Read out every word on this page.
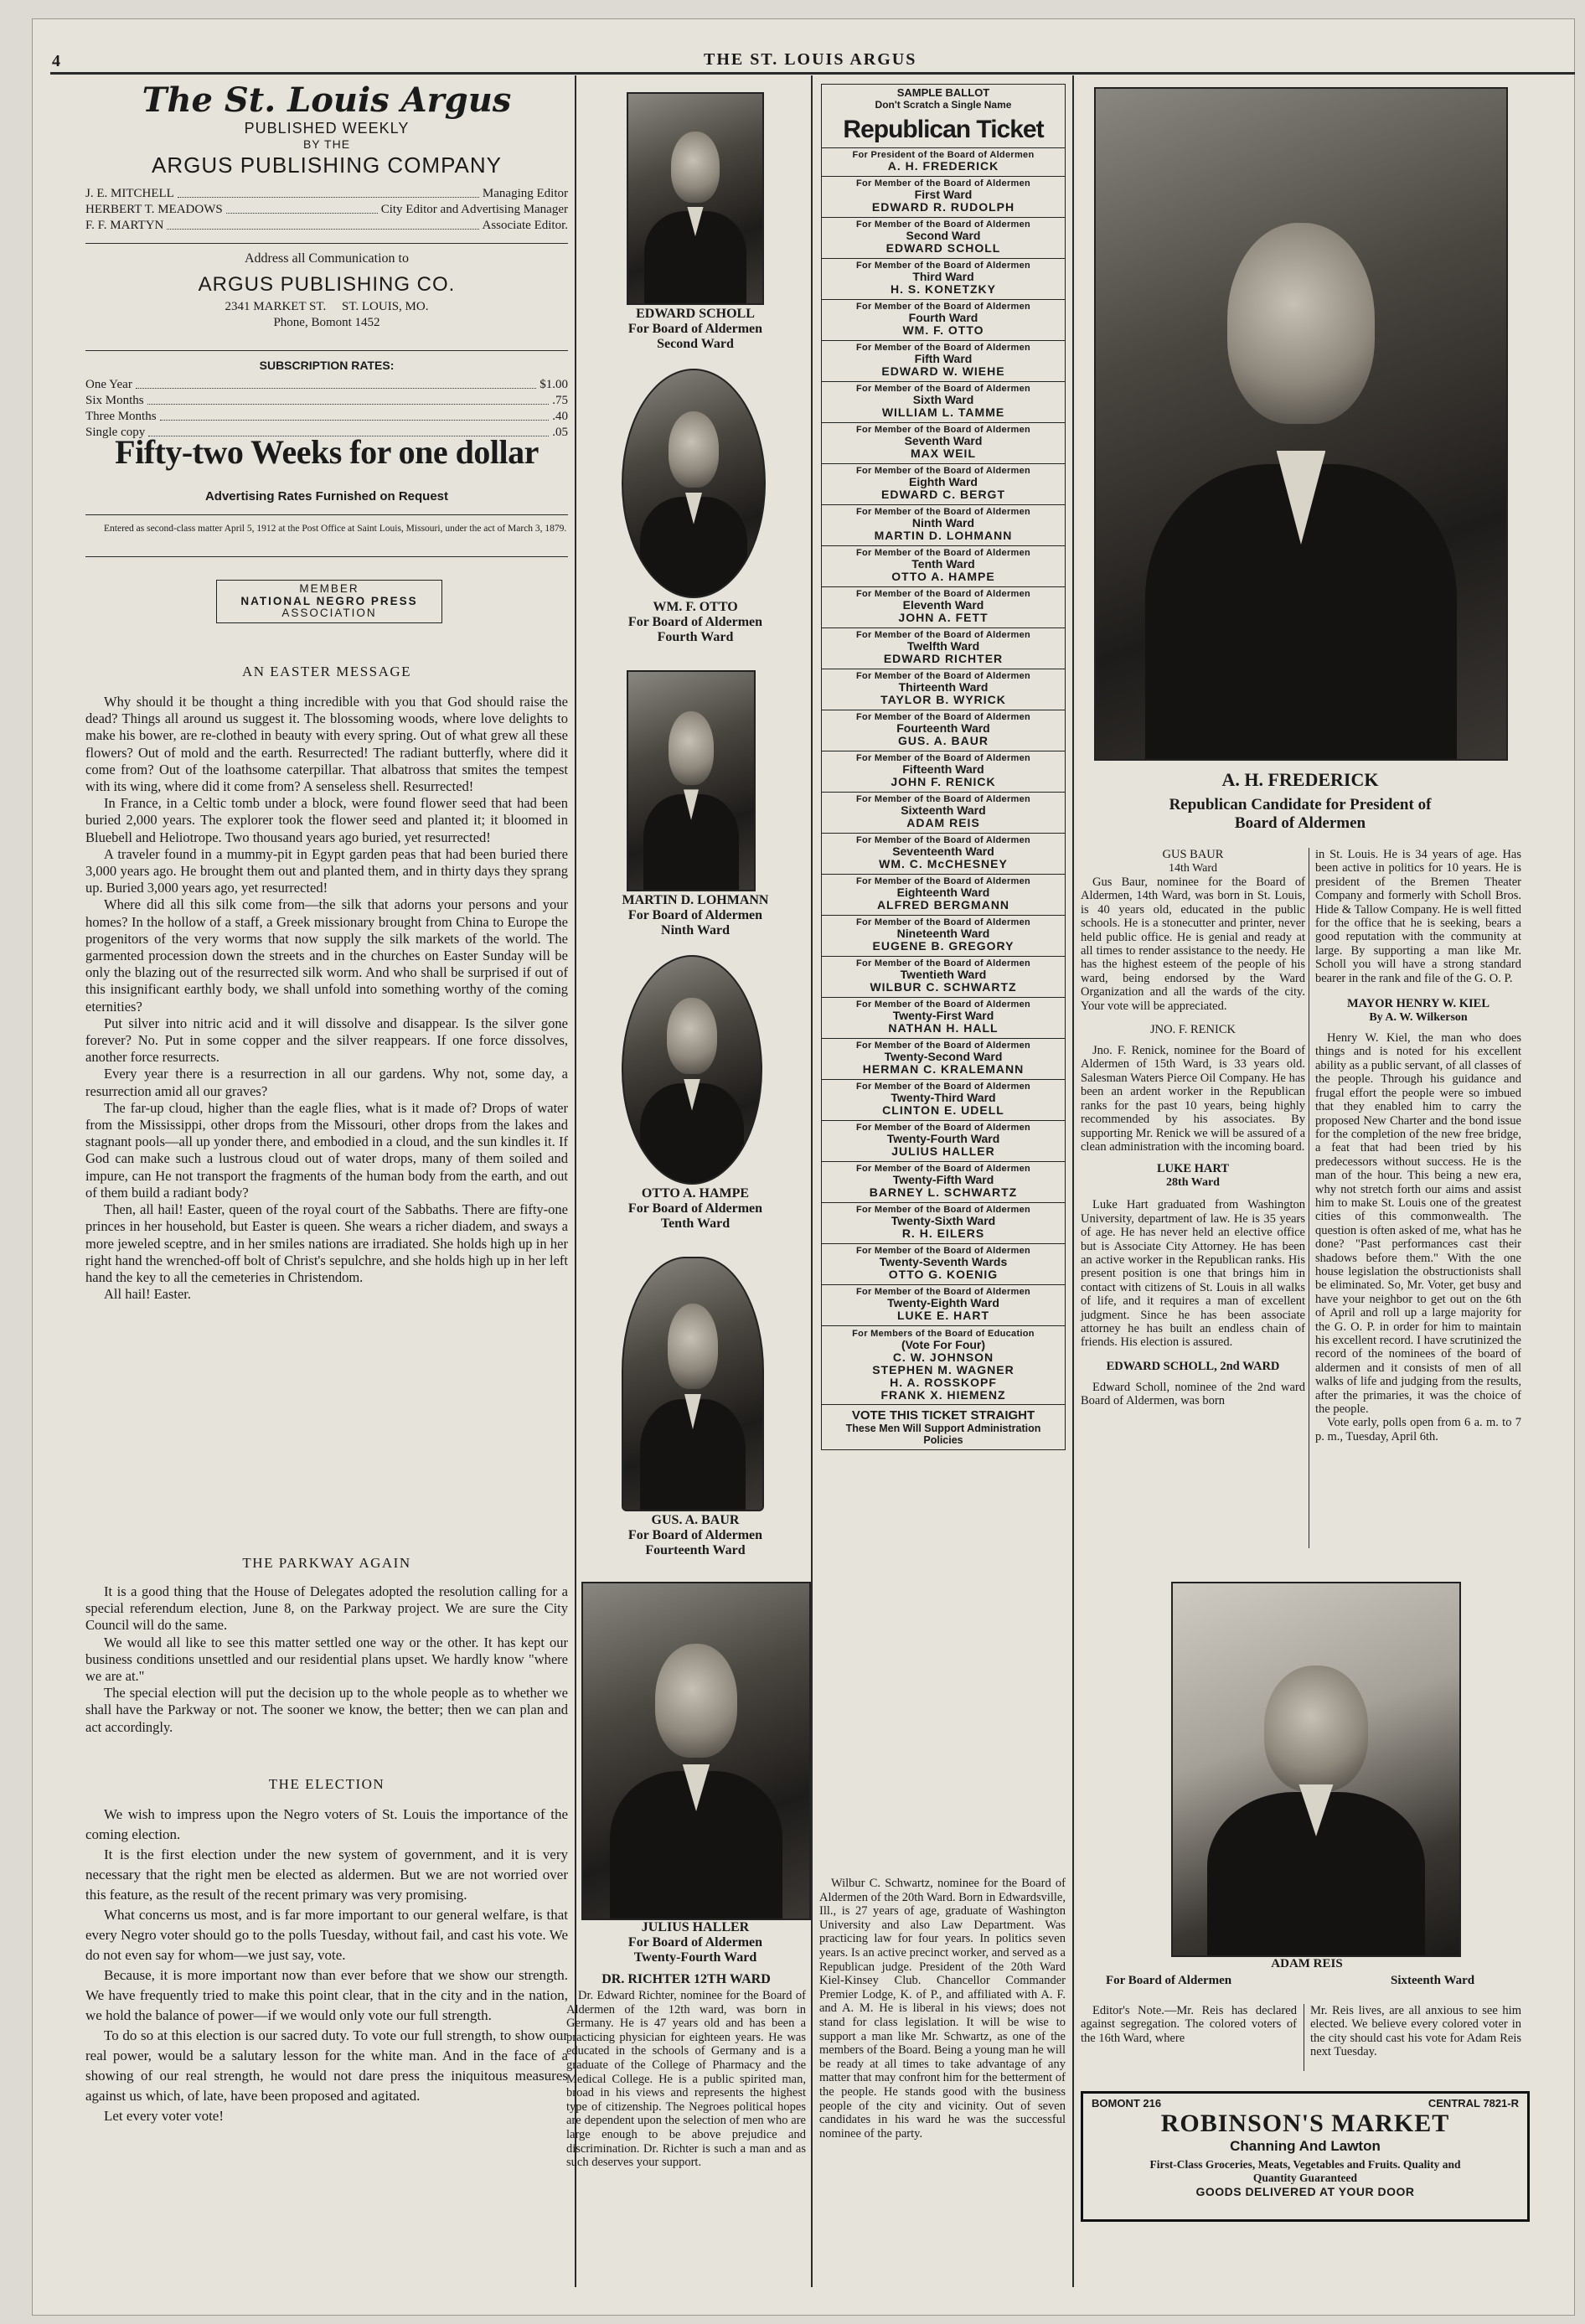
4	THE ST. LOUIS ARGUS
The St. Louis Argus
PUBLISHED WEEKLY
BY THE
ARGUS PUBLISHING COMPANY
J. E. MITCHELL	Managing Editor
HERBERT T. MEADOWS	City Editor and Advertising Manager
F. F. MARTYN	Associate Editor.
Address all Communication to
ARGUS PUBLISHING CO.
2341 MARKET ST.     ST. LOUIS, MO.
Phone, Bomont 1452
SUBSCRIPTION RATES:
One Year	$1.00
Six Months	.75
Three Months	.40
Single copy	.05
Fifty-two Weeks for one dollar
Advertising Rates Furnished on Request
Entered as second-class matter April 5, 1912 at the Post Office at Saint Louis, Missouri, under the act of March 3, 1879.
MEMBER
NATIONAL NEGRO PRESS
ASSOCIATION

AN EASTER MESSAGE

Why should it be thought a thing incredible with you that God should raise the dead? Things all around us suggest it. The blossoming woods, where love delights to make his bower, are re-clothed in beauty with every spring. Out of what grew all these flowers? Out of mold and the earth. Resurrected! The radiant butterfly, where did it come from? Out of the loathsome caterpillar. That albatross that smites the tempest with its wing, where did it come from? A senseless shell. Resurrected!

In France, in a Celtic tomb under a block, were found flower seed that had been buried 2,000 years. The explorer took the flower seed and planted it; it bloomed in Bluebell and Heliotrope. Two thousand years ago buried, yet resurrected!

A traveler found in a mummy-pit in Egypt garden peas that had been buried there 3,000 years ago. He brought them out and planted them, and in thirty days they sprang up. Buried 3,000 years ago, yet resurrected!

Where did all this silk come from—the silk that adorns your persons and your homes? In the hollow of a staff, a Greek missionary brought from China to Europe the progenitors of the very worms that now supply the silk markets of the world. The garmented procession down the streets and in the churches on Easter Sunday will be only the blazing out of the resurrected silk worm. And who shall be surprised if out of this insignificant earthly body, we shall unfold into something worthy of the coming eternities?

Put silver into nitric acid and it will dissolve and disappear. Is the silver gone forever? No. Put in some copper and the silver reappears. If one force dissolves, another force resurrects.

Every year there is a resurrection in all our gardens. Why not, some day, a resurrection amid all our graves?

The far-up cloud, higher than the eagle flies, what is it made of? Drops of water from the Mississippi, other drops from the Missouri, other drops from the lakes and stagnant pools—all up yonder there, and embodied in a cloud, and the sun kindles it. If God can make such a lustrous cloud out of water drops, many of them soiled and impure, can He not transport the fragments of the human body from the earth, and out of them build a radiant body?

Then, all hail! Easter, queen of the royal court of the Sabbaths. There are fifty-one princes in her household, but Easter is queen. She wears a richer diadem, and sways a more jeweled sceptre, and in her smiles nations are irradiated. She holds high up in her right hand the wrenched-off bolt of Christ's sepulchre, and she holds high up in her left hand the key to all the cemeteries in Christendom.

All hail! Easter.

THE PARKWAY AGAIN

It is a good thing that the House of Delegates adopted the resolution calling for a special referendum election, June 8, on the Parkway project. We are sure the City Council will do the same.

We would all like to see this matter settled one way or the other. It has kept our business conditions unsettled and our residential plans upset. We hardly know "where we are at."

The special election will put the decision up to the whole people as to whether we shall have the Parkway or not. The sooner we know, the better; then we can plan and act accordingly.

THE ELECTION

We wish to impress upon the Negro voters of St. Louis the importance of the coming election.

It is the first election under the new system of government, and it is very necessary that the right men be elected as aldermen. But we are not worried over this feature, as the result of the recent primary was very promising.

What concerns us most, and is far more important to our general welfare, is that every Negro voter should go to the polls Tuesday, without fail, and cast his vote. We do not even say for whom—we just say, vote.

Because, it is more important now than ever before that we show our strength. We have frequently tried to make this point clear, that in the city and in the nation, we hold the balance of power—if we would only vote our full strength.

To do so at this election is our sacred duty. To vote our full strength, to show our real power, would be a salutary lesson for the white man. And in the face of a showing of our real strength, he would not dare press the iniquitous measures against us which, of late, have been proposed and agitated.

Let every voter vote!

EDWARD SCHOLL
For Board of Aldermen
Second Ward
WM. F. OTTO
For Board of Aldermen
Fourth Ward
MARTIN D. LOHMANN
For Board of Aldermen
Ninth Ward
OTTO A. HAMPE
For Board of Aldermen
Tenth Ward
GUS. A. BAUR
For Board of Aldermen
Fourteenth Ward
JULIUS HALLER
For Board of Aldermen
Twenty-Fourth Ward
DR. RICHTER 12TH WARD

Dr. Edward Richter, nominee for the Board of Aldermen of the 12th ward, was born in Germany. He is 47 years old and has been a practicing physician for eighteen years. He was educated in the schools of Germany and is a graduate of the College of Pharmacy and the Medical College. He is a public spirited man, broad in his views and represents the highest type of citizenship. The Negroes political hopes are dependent upon the selection of men who are large enough to be above prejudice and discrimination. Dr. Richter is such a man and as such deserves your support.

SAMPLE BALLOT
Don't Scratch a Single Name
Republican Ticket
For President of the Board of Aldermen
A. H. FREDERICK
For Member of the Board of Aldermen
First Ward
EDWARD R. RUDOLPH
For Member of the Board of Aldermen
Second Ward
EDWARD SCHOLL
For Member of the Board of Aldermen
Third Ward
H. S. KONETZKY
For Member of the Board of Aldermen
Fourth Ward
WM. F. OTTO
For Member of the Board of Aldermen
Fifth Ward
EDWARD W. WIEHE
For Member of the Board of Aldermen
Sixth Ward
WILLIAM L. TAMME
For Member of the Board of Aldermen
Seventh Ward
MAX WEIL
For Member of the Board of Aldermen
Eighth Ward
EDWARD C. BERGT
For Member of the Board of Aldermen
Ninth Ward
MARTIN D. LOHMANN
For Member of the Board of Aldermen
Tenth Ward
OTTO A. HAMPE
For Member of the Board of Aldermen
Eleventh Ward
JOHN A. FETT
For Member of the Board of Aldermen
Twelfth Ward
EDWARD RICHTER
For Member of the Board of Aldermen
Thirteenth Ward
TAYLOR B. WYRICK
For Member of the Board of Aldermen
Fourteenth Ward
GUS. A. BAUR
For Member of the Board of Aldermen
Fifteenth Ward
JOHN F. RENICK
For Member of the Board of Aldermen
Sixteenth Ward
ADAM REIS
For Member of the Board of Aldermen
Seventeenth Ward
WM. C. McCHESNEY
For Member of the Board of Aldermen
Eighteenth Ward
ALFRED BERGMANN
For Member of the Board of Aldermen
Nineteenth Ward
EUGENE B. GREGORY
For Member of the Board of Aldermen
Twentieth Ward
WILBUR C. SCHWARTZ
For Member of the Board of Aldermen
Twenty-First Ward
NATHAN H. HALL
For Member of the Board of Aldermen
Twenty-Second Ward
HERMAN C. KRALEMANN
For Member of the Board of Aldermen
Twenty-Third Ward
CLINTON E. UDELL
For Member of the Board of Aldermen
Twenty-Fourth Ward
JULIUS HALLER
For Member of the Board of Aldermen
Twenty-Fifth Ward
BARNEY L. SCHWARTZ
For Member of the Board of Aldermen
Twenty-Sixth Ward
R. H. EILERS
For Member of the Board of Aldermen
Twenty-Seventh Wards
OTTO G. KOENIG
For Member of the Board of Aldermen
Twenty-Eighth Ward
LUKE E. HART
For Members of the Board of Education
(Vote For Four)
C. W. JOHNSON
STEPHEN M. WAGNER
H. A. ROSSKOPF
FRANK X. HIEMENZ
VOTE THIS TICKET STRAIGHT
These Men Will Support Administration Policies

Wilbur C. Schwartz, nominee for the Board of Aldermen of the 20th Ward. Born in Edwardsville, Ill., is 27 years of age, graduate of Washington University and also Law Department. Was practicing law for four years. In politics seven years. Is an active precinct worker, and served as a Republican judge. President of the 20th Ward Kiel-Kinsey Club. Chancellor Commander Premier Lodge, K. of P., and affiliated with A. F. and A. M. He is liberal in his views; does not stand for class legislation. It will be wise to support a man like Mr. Schwartz, as one of the members of the Board. Being a young man he will be ready at all times to take advantage of any matter that may confront him for the betterment of the people. He stands good with the business people of the city and vicinity. Out of seven candidates in his ward he was the successful nominee of the party.

A. H. FREDERICK
Republican Candidate for President of
Board of Aldermen
GUS BAUR
14th Ward

Gus Baur, nominee for the Board of Aldermen, 14th Ward, was born in St. Louis, is 40 years old, educated in the public schools. He is a stonecutter and printer, never held public office. He is genial and ready at all times to render assistance to the needy. He has the highest esteem of the people of his ward, being endorsed by the Ward Organization and all the wards of the city. Your vote will be appreciated.

JNO. F. RENICK

Jno. F. Renick, nominee for the Board of Aldermen of 15th Ward, is 33 years old. Salesman Waters Pierce Oil Company. He has been an ardent worker in the Republican ranks for the past 10 years, being highly recommended by his associates. By supporting Mr. Renick we will be assured of a clean administration with the incoming board.

LUKE HART
28th Ward

Luke Hart graduated from Washington University, department of law. He is 35 years of age. He has never held an elective office but is Associate City Attorney. He has been an active worker in the Republican ranks. His present position is one that brings him in contact with citizens of St. Louis in all walks of life, and it requires a man of excellent judgment. Since he has been associate attorney he has built an endless chain of friends. His election is assured.

EDWARD SCHOLL, 2nd WARD

Edward Scholl, nominee of the 2nd ward Board of Aldermen, was born

in St. Louis. He is 34 years of age. Has been active in politics for 10 years. He is president of the Bremen Theater Company and formerly with Scholl Bros. Hide & Tallow Company. He is well fitted for the office that he is seeking, bears a good reputation with the community at large. By supporting a man like Mr. Scholl you will have a strong standard bearer in the rank and file of the G. O. P.

MAYOR HENRY W. KIEL
By A. W. Wilkerson

Henry W. Kiel, the man who does things and is noted for his excellent ability as a public servant, of all classes of the people. Through his guidance and frugal effort the people were so imbued that they enabled him to carry the proposed New Charter and the bond issue for the completion of the new free bridge, a feat that had been tried by his predecessors without success. He is the man of the hour. This being a new era, why not stretch forth our aims and assist him to make St. Louis one of the greatest cities of this commonwealth. The question is often asked of me, what has he done? "Past performances cast their shadows before them." With the one house legislation the obstructionists shall be eliminated. So, Mr. Voter, get busy and have your neighbor to get out on the 6th of April and roll up a large majority for the G. O. P. in order for him to maintain his excellent record. I have scrutinized the record of the nominees of the board of aldermen and it consists of men of all walks of life and judging from the results, after the primaries, it was the choice of the people.

Vote early, polls open from 6 a. m. to 7 p. m., Tuesday, April 6th.

ADAM REIS
For Board of Aldermen	Sixteenth Ward

Editor's Note.—Mr. Reis has declared against segregation. The colored voters of the 16th Ward, where

Mr. Reis lives, are all anxious to see him elected. We believe every colored voter in the city should cast his vote for Adam Reis next Tuesday.

BOMONT 216	CENTRAL 7821-R
ROBINSON'S MARKET
Channing And Lawton
First-Class Groceries, Meats, Vegetables and Fruits. Quality and
Quantity Guaranteed
GOODS DELIVERED AT YOUR DOOR
